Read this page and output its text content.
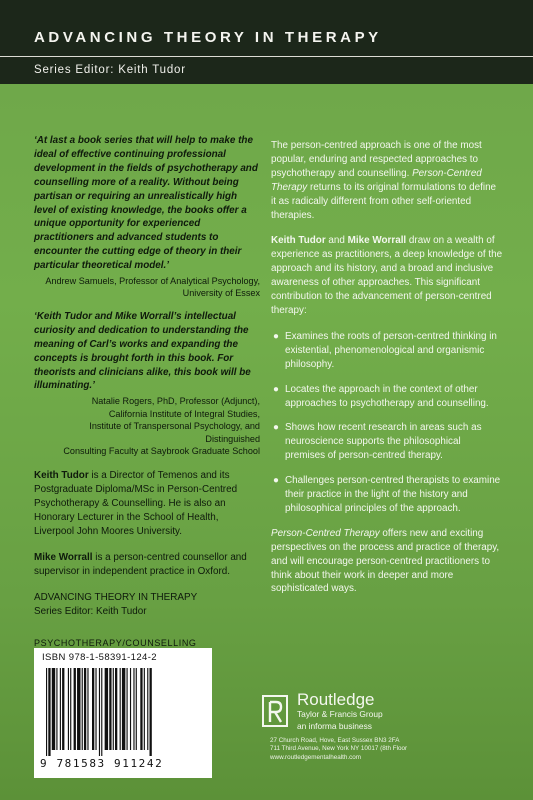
ADVANCING THEORY IN THERAPY
Series Editor: Keith Tudor

‘At last a book series that will help to make the ideal of effective continuing professional development in the fields of psychotherapy and counselling more of a reality. Without being partisan or requiring an unrealistically high level of existing knowledge, the books offer a unique opportunity for experienced practitioners and advanced students to encounter the cutting edge of theory in their particular theoretical model.’

Andrew Samuels, Professor of Analytical Psychology,
University of Essex

‘Keith Tudor and Mike Worrall’s intellectual curiosity and dedication to understanding the meaning of Carl’s works and expanding the concepts is brought forth in this book. For theorists and clinicians alike, this book will be illuminating.’

Natalie Rogers, PhD, Professor (Adjunct),
California Institute of Integral Studies,
Institute of Transpersonal Psychology, and Distinguished
Consulting Faculty at Saybrook Graduate School

Keith Tudor is a Director of Temenos and its Postgraduate Diploma/MSc in Person-Centred Psychotherapy & Counselling. He is also an Honorary Lecturer in the School of Health, Liverpool John Moores University.

Mike Worrall is a person-centred counsellor and supervisor in independent practice in Oxford.

ADVANCING THEORY IN THERAPY
Series Editor: Keith Tudor
PSYCHOTHERAPY/COUNSELLING
ISBN 978-1-58391-124-2
9 781583 911242

The person-centred approach is one of the most popular, enduring and respected approaches to psychotherapy and counselling. Person-Centred Therapy returns to its original formulations to define it as radically different from other self-oriented therapies.

Keith Tudor and Mike Worrall draw on a wealth of experience as practitioners, a deep knowledge of the approach and its history, and a broad and inclusive awareness of other approaches. This significant contribution to the advancement of person-centred therapy:

● Examines the roots of person-centred thinking in existential, phenomenological and organismic philosophy.
● Locates the approach in the context of other approaches to psychotherapy and counselling.
● Shows how recent research in areas such as neuroscience supports the philosophical premises of person-centred therapy.
● Challenges person-centred therapists to examine their practice in the light of the history and philosophical principles of the approach.

Person-Centred Therapy offers new and exciting perspectives on the process and practice of therapy, and will encourage person-centred practitioners to think about their work in deeper and more sophisticated ways.

Routledge
Taylor & Francis Group
an informa business
27 Church Road, Hove, East Sussex BN3 2FA
711 Third Avenue, New York NY 10017 (8th Floor
www.routledgementalhealth.com
